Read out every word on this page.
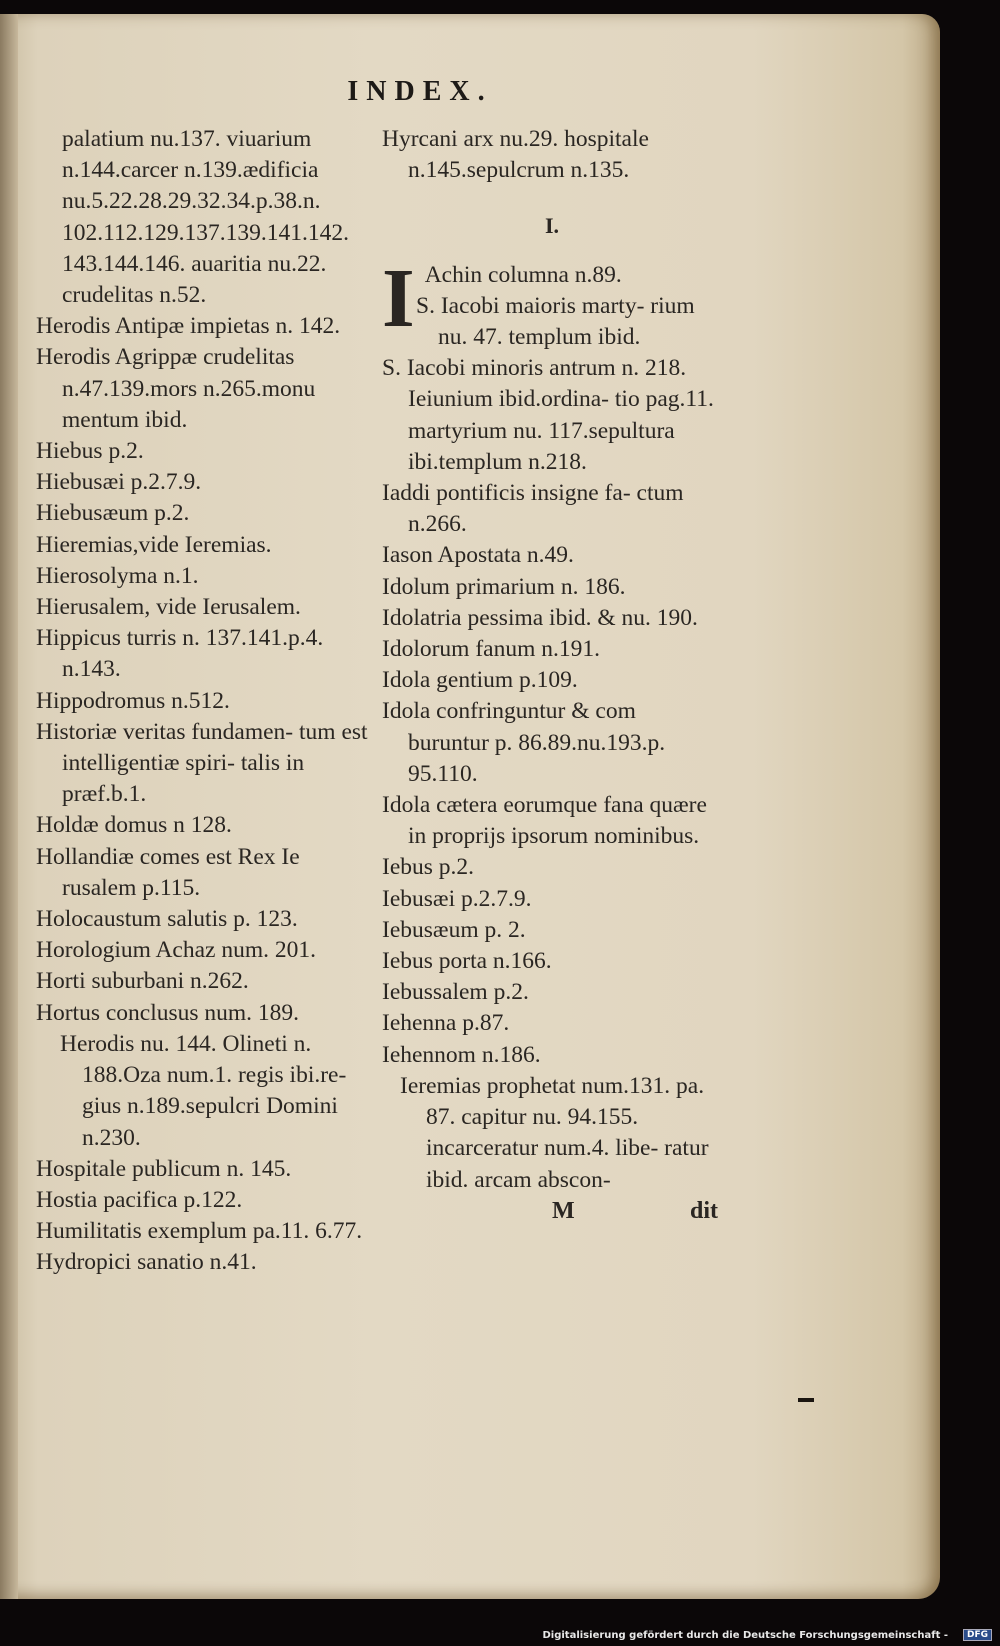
INDEX.
palatium nu.137. viuarium n.144.carcer n.139.ædificia nu.5.22.28.29.32.34.p.38.n. 102.112.129.137.139.141.142. 143.144.146. auaritia nu.22. crudelitas n.52.
Herodis Antipæ impietas n. 142.
Herodis Agrippæ crudelitas n.47.139.mors n.265.monu mentum ibid.
Hiebus p.2.
Hiebusæi p.2.7.9.
Hiebusæum p.2.
Hieremias,vide Ieremias.
Hierosolyma n.1.
Hierusalem, vide Ierusalem.
Hippicus turris n. 137.141.p.4. n.143.
Hippodromus n.512.
Historiæ veritas fundamen- tum est intelligentiæ spiri- talis in præf.b.1.
Holdæ domus n 128.
Hollandiæ comes est Rex Ie rusalem p.115.
Holocaustum salutis p. 123.
Horologium Achaz num. 201.
Horti suburbani n.262.
Hortus conclusus num. 189.
Herodis nu. 144. Olineti n. 188.Oza num.1. regis ibi.re- gius n.189.sepulcri Domini n.230.
Hospitale publicum n. 145.
Hostia pacifica p.122.
Humilitatis exemplum pa.11. 6.77.
Hydropici sanatio n.41.
Hyrcani arx nu.29. hospitale n.145.sepulcrum n.135.
I.
I Achin columna n.89.
S. Iacobi maioris marty- rium nu. 47. templum ibid.
S. Iacobi minoris antrum n. 218. Ieiunium ibid.ordina- tio pag.11. martyrium nu. 117.sepultura ibi.templum n.218.
Iaddi pontificis insigne fa- ctum n.266.
Iason Apostata n.49.
Idolum primarium n. 186.
Idolatria pessima ibid. & nu. 190.
Idolorum fanum n.191.
Idola gentium p.109.
Idola confringuntur & com buruntur p. 86.89.nu.193.p. 95.110.
Idola cætera eorumque fana quære in proprijs ipsorum nominibus.
Iebus p.2.
Iebusæi p.2.7.9.
Iebusæum p. 2.
Iebus porta n.166.
Iebussalem p.2.
Iehenna p.87.
Iehennom n.186.
Ieremias prophetat num.131. pa. 87. capitur nu. 94.155. incarceratur num.4. libe- ratur ibid. arcam abscon-
M	dit
Digitalisierung gefördert durch die Deutsche Forschungsgemeinschaft -	DFG
